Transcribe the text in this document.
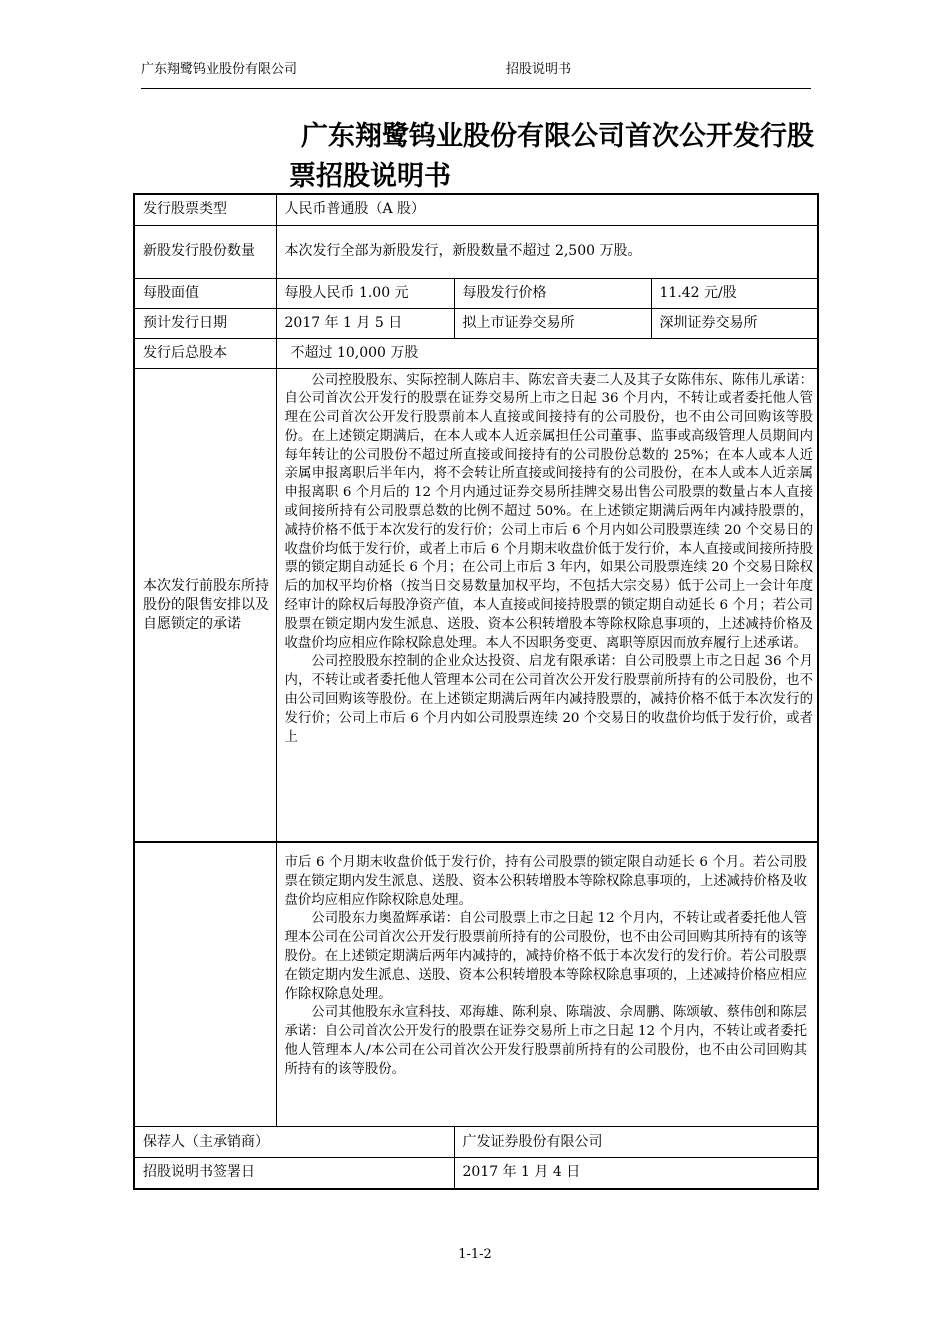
广东翔鹭钨业股份有限公司	招股说明书
广东翔鹭钨业股份有限公司首次公开发行股
票招股说明书
发行股票类型	人民币普通股（A 股）		
新股发行股份数量	本次发行全部为新股发行，新股数量不超过 2,500 万股。		
每股面值	每股人民币 1.00 元	每股发行价格	11.42 元/股
预计发行日期	2017 年 1 月 5 日	拟上市证券交易所	深圳证券交易所
发行后总股本	不超过 10,000 万股		
本次发行前股东所持股份的限售安排以及自愿锁定的承诺	公司控股股东、实际控制人陈启丰、陈宏音夫妻二人及其子女陈伟东、陈伟儿承诺：自公司首次公开发行的股票在证券交易所上市之日起 36 个月内，不转让或者委托他人管理在公司首次公开发行股票前本人直接或间接持有的公司股份，也不由公司回购该等股份。在上述锁定期满后，在本人或本人近亲属担任公司董事、监事或高级管理人员期间内每年转让的公司股份不超过所直接或间接持有的公司股份总数的 25%；在本人或本人近亲属申报离职后半年内，将不会转让所直接或间接持有的公司股份，在本人或本人近亲属申报离职 6 个月后的 12 个月内通过证券交易所挂牌交易出售公司股票的数量占本人直接或间接所持有公司股票总数的比例不超过 50%。在上述锁定期满后两年内减持股票的，减持价格不低于本次发行的发行价；公司上市后 6 个月内如公司股票连续 20 个交易日的收盘价均低于发行价，或者上市后 6 个月期末收盘价低于发行价，本人直接或间接所持股票的锁定期自动延长 6 个月；在公司上市后 3 年内，如果公司股票连续 20 个交易日除权后的加权平均价格（按当日交易数量加权平均，不包括大宗交易）低于公司上一会计年度经审计的除权后每股净资产值，本人直接或间接持股票的锁定期自动延长 6 个月；若公司股票在锁定期内发生派息、送股、资本公积转增股本等除权除息事项的，上述减持价格及收盘价均应相应作除权除息处理。本人不因职务变更、离职等原因而放弃履行上述承诺。

公司控股股东控制的企业众达投资、启龙有限承诺：自公司股票上市之日起 36 个月内，不转让或者委托他人管理本公司在公司首次公开发行股票前所持有的公司股份，也不由公司回购该等股份。在上述锁定期满后两年内减持股票的，减持价格不低于本次发行的发行价；公司上市后 6 个月内如公司股票连续 20 个交易日的收盘价均低于发行价，或者上		

	市后 6 个月期末收盘价低于发行价，持有公司股票的锁定限自动延长 6 个月。若公司股票在锁定期内发生派息、送股、资本公积转增股本等除权除息事项的，上述减持价格及收盘价均应相应作除权除息处理。

公司股东力奥盈辉承诺：自公司股票上市之日起 12 个月内，不转让或者委托他人管理本公司在公司首次公开发行股票前所持有的公司股份，也不由公司回购其所持有的该等股份。在上述锁定期满后两年内减持的，减持价格不低于本次发行的发行价。若公司股票在锁定期内发生派息、送股、资本公积转增股本等除权除息事项的，上述减持价格应相应作除权除息处理。

公司其他股东永宣科技、邓海雄、陈利泉、陈瑞波、佘周鹏、陈颂敏、蔡伟创和陈层承诺：自公司首次公开发行的股票在证券交易所上市之日起 12 个月内，不转让或者委托他人管理本人/本公司在公司首次公开发行股票前所持有的公司股份，也不由公司回购其所持有的该等股份。	

保荐人（主承销商）		广发证券股份有限公司
招股说明书签署日		2017 年 1 月 4 日
1-1-2
